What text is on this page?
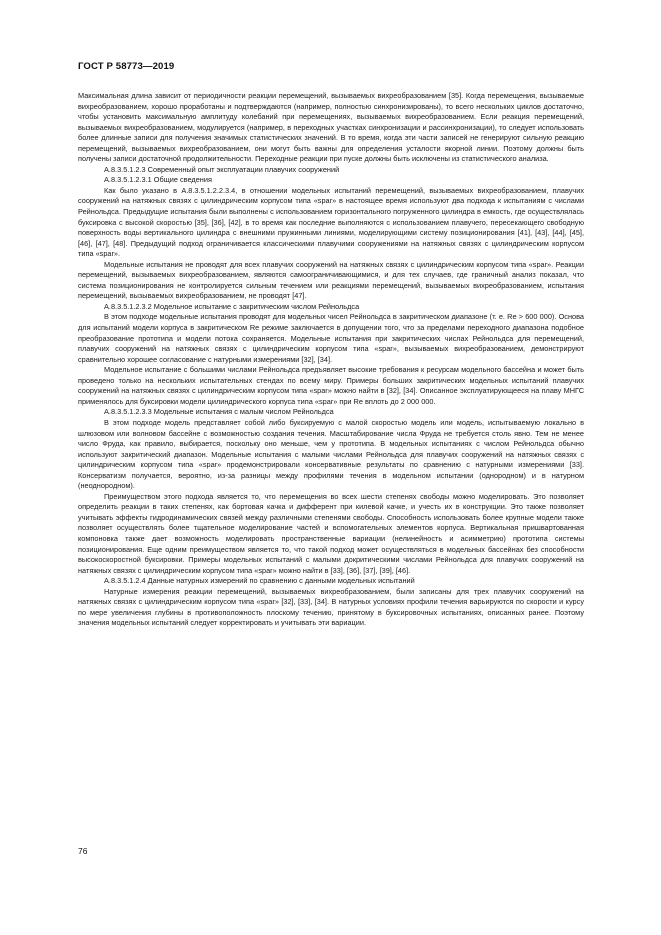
ГОСТ Р 58773—2019

Максимальная длина зависит от периодичности реакции перемещений, вызываемых вихреобразованием [35]. Когда перемещения, вызываемые вихреобразованием, хорошо проработаны и подтверждаются (например, полностью синхронизированы), то всего нескольких циклов достаточно, чтобы установить максимальную амплитуду колебаний при перемещениях, вызываемых вихреобразованием. Если реакция перемещений, вызываемых вихреобразованием, модулируется (например, в переходных участках синхронизации и рассинхронизации), то следует использовать более длинные записи для получения значимых статистических значений. В то время, когда эти части записей не генерируют сильную реакцию перемещений, вызываемых вихреобразованием, они могут быть важны для определения усталости якорной линии. Поэтому должны быть получены записи достаточной продолжительности. Переходные реакции при пуске должны быть исключены из статистического анализа.

А.8.3.5.1.2.3 Современный опыт эксплуатации плавучих сооружений

А.8.3.5.1.2.3.1 Общие сведения

Как было указано в А.8.3.5.1.2.2.3.4, в отношении модельных испытаний перемещений, вызываемых вихреобразованием, плавучих сооружений на натяжных связях с цилиндрическим корпусом типа «spar» в настоящее время используют два подхода к испытаниям с числами Рейнольдса. Предыдущие испытания были выполнены с использованием горизонтального погруженного цилиндра в емкость, где осуществлялась буксировка с высокой скоростью [35], [36], [42], в то время как последние выполняются с использованием плавучего, пересекающего свободную поверхность воды вертикального цилиндра с внешними пружинными линиями, моделирующими систему позиционирования [41], [43], [44], [45], [46], [47], [48]. Предыдущий подход ограничивается классическими плавучими сооружениями на натяжных связях с цилиндрическим корпусом типа «spar».

Модельные испытания не проводят для всех плавучих сооружений на натяжных связях с цилиндрическим корпусом типа «spar». Реакции перемещений, вызываемых вихреобразованием, являются самоограничивающимися, и для тех случаев, где граничный анализ показал, что система позиционирования не контролируется сильным течением или реакциями перемещений, вызываемых вихреобразованием, испытания перемещений, вызываемых вихреобразованием, не проводят [47].

А.8.3.5.1.2.3.2 Модельное испытание с закритическим числом Рейнольдса

В этом подходе модельные испытания проводят для модельных чисел Рейнольдса в закритическом диапазоне (т. е. Re > 600 000). Основа для испытаний модели корпуса в закритическом Re режиме заключается в допущении того, что за пределами переходного диапазона подобное преобразование прототипа и модели потока сохраняется. Модельные испытания при закритических числах Рейнольдса для перемещений, плавучих сооружений на натяжных связях с цилиндрическим корпусом типа «spar», вызываемых вихреобразованием, демонстрируют сравнительно хорошее согласование с натурными измерениями [32], [34].

Модельное испытание с большими числами Рейнольдса предъявляет высокие требования к ресурсам модельного бассейна и может быть проведено только на нескольких испытательных стендах по всему миру. Примеры больших закритических модельных испытаний плавучих сооружений на натяжных связях с цилиндрическим корпусом типа «spar» можно найти в [32], [34]. Описанное эксплуатирующееся на плаву МНГС применялось для буксировки модели цилиндрического корпуса типа «spar» при Re вплоть до 2 000 000.

А.8.3.5.1.2.3.3 Модельные испытания с малым числом Рейнольдса

В этом подходе модель представляет собой либо буксируемую с малой скоростью модель или модель, испытываемую локально в шлюзовом или волновом бассейне с возможностью создания течения. Масштабирование числа Фруда не требуется столь явно. Тем не менее число Фруда, как правило, выбирается, поскольку оно меньше, чем у прототипа. В модельных испытаниях с числом Рейнольдса обычно используют закритический диапазон. Модельные испытания с малыми числами Рейнольдса для плавучих сооружений на натяжных связях с цилиндрическим корпусом типа «spar» продемонстрировали консервативные результаты по сравнению с натурными измерениями [33]. Консерватизм получается, вероятно, из-за разницы между профилями течения в модельном испытании (однородном) и в натурном (неоднородном).

Преимуществом этого подхода является то, что перемещения во всех шести степенях свободы можно моделировать. Это позволяет определить реакции в таких степенях, как бортовая качка и дифферент при килевой качке, и учесть их в конструкции. Это также позволяет учитывать эффекты гидродинамических связей между различными степенями свободы. Способность использовать более крупные модели также позволяет осуществлять более тщательное моделирование частей и вспомогательных элементов корпуса. Вертикальная пришвартованная компоновка также дает возможность моделировать пространственные вариации (нелинейность и асимметрию) прототипа системы позиционирования. Еще одним преимуществом является то, что такой подход может осуществляться в модельных бассейнах без способности высокоскоростной буксировки. Примеры модельных испытаний с малыми докритическими числами Рейнольдса для плавучих сооружений на натяжных связях с цилиндрическим корпусом типа «spar» можно найти в [33], [36], [37], [39], [46].

А.8.3.5.1.2.4 Данные натурных измерений по сравнению с данными модельных испытаний

Натурные измерения реакции перемещений, вызываемых вихреобразованием, были записаны для трех плавучих сооружений на натяжных связях с цилиндрическим корпусом типа «spar» [32], [33], [34]. В натурных условиях профили течения варьируются по скорости и курсу по мере увеличения глубины в противоположность плоскому течению, принятому в буксировочных испытаниях, описанных ранее. Поэтому значения модельных испытаний следует корректировать и учитывать эти вариации.

76
